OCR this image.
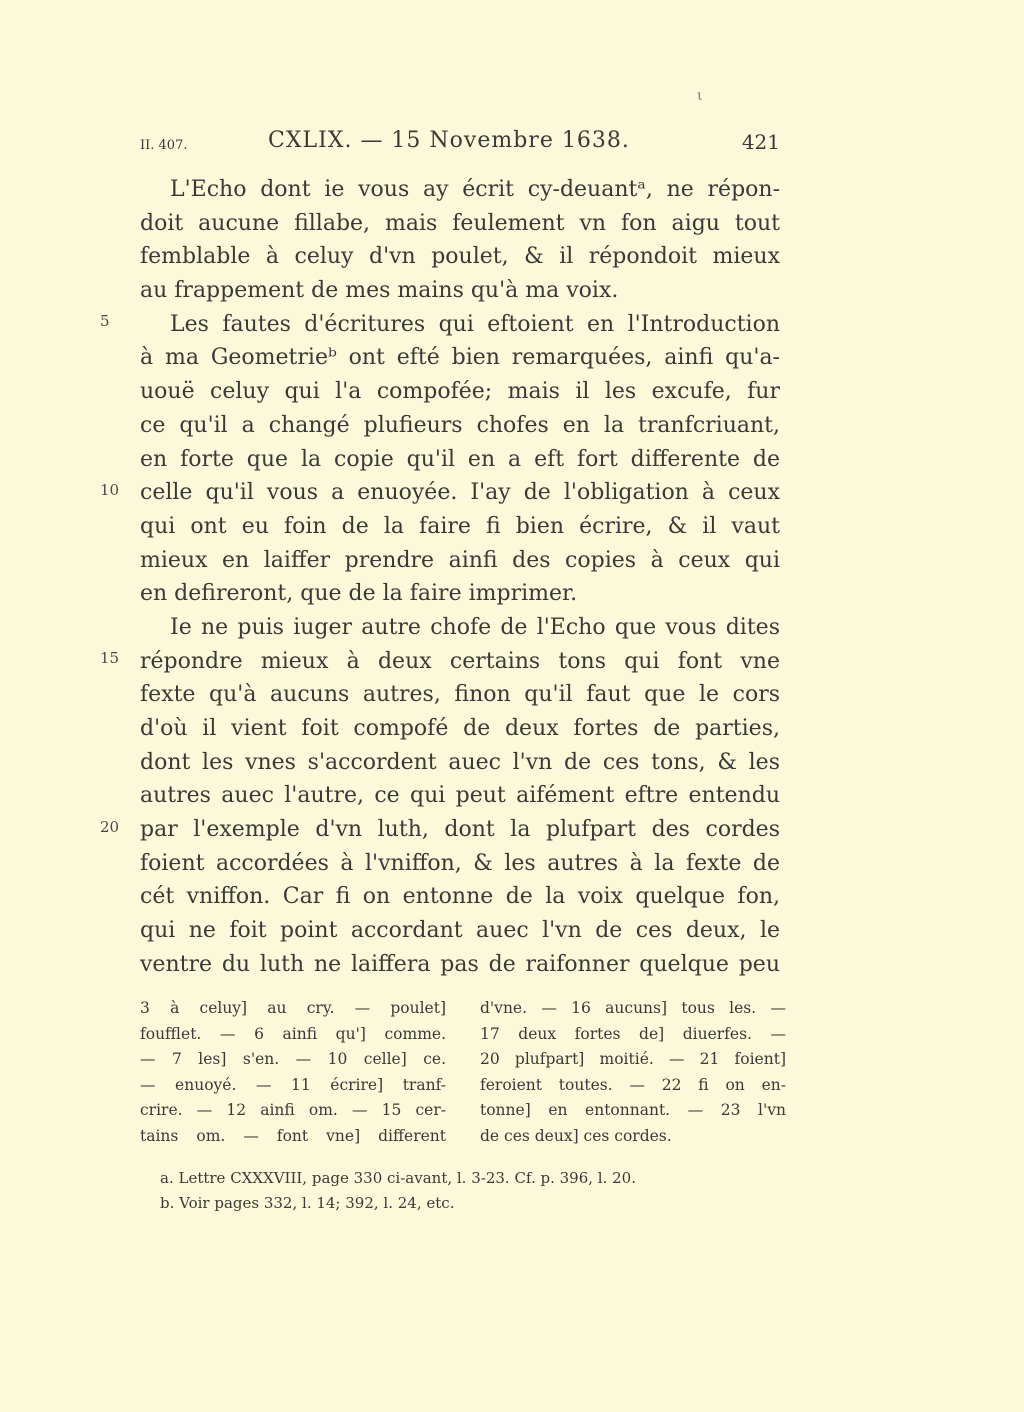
ι
II. 407.	CXLIX. — 15 Novembre 1638.	421
L'Echo dont ie vous ay écrit cy-deuantᵃ, ne répon-
doit aucune fillabe, mais feulement vn fon aigu tout
femblable à celuy d'vn poulet, & il répondoit mieux
au frappement de mes mains qu'à ma voix.
Les fautes d'écritures qui eftoient en l'Introduction
à ma Geometrieᵇ ont efté bien remarquées, ainfi qu'a-
uouë celuy qui l'a compofée; mais il les excufe, fur
ce qu'il a changé plufieurs chofes en la tranfcriuant,
en forte que la copie qu'il en a eft fort differente de
celle qu'il vous a enuoyée. I'ay de l'obligation à ceux
qui ont eu foin de la faire fi bien écrire, & il vaut
mieux en laiffer prendre ainfi des copies à ceux qui
en defireront, que de la faire imprimer.
Ie ne puis iuger autre chofe de l'Echo que vous dites
répondre mieux à deux certains tons qui font vne
fexte qu'à aucuns autres, finon qu'il faut que le cors
d'où il vient foit compofé de deux fortes de parties,
dont les vnes s'accordent auec l'vn de ces tons, & les
autres auec l'autre, ce qui peut aifément eftre entendu
par l'exemple d'vn luth, dont la plufpart des cordes
foient accordées à l'vniffon, & les autres à la fexte de
cét vniffon. Car fi on entonne de la voix quelque fon,
qui ne foit point accordant auec l'vn de ces deux, le
ventre du luth ne laiffera pas de raifonner quelque peu
5
10
15
20
3 à celuy] au cry. — poulet]
foufflet. — 6 ainfi qu'] comme.
— 7 les] s'en. — 10 celle] ce.
— enuoyé. — 11 écrire] tranf-
crire. — 12 ainfi om. — 15 cer-
tains om. — font vne] different
d'vne. — 16 aucuns] tous les. —
17 deux fortes de] diuerfes. —
20 plufpart] moitié. — 21 foient]
feroient toutes. — 22 fi on en-
tonne] en entonnant. — 23 l'vn
de ces deux] ces cordes.
a. Lettre CXXXVIII, page 330 ci-avant, l. 3-23. Cf. p. 396, l. 20.
b. Voir pages 332, l. 14; 392, l. 24, etc.
